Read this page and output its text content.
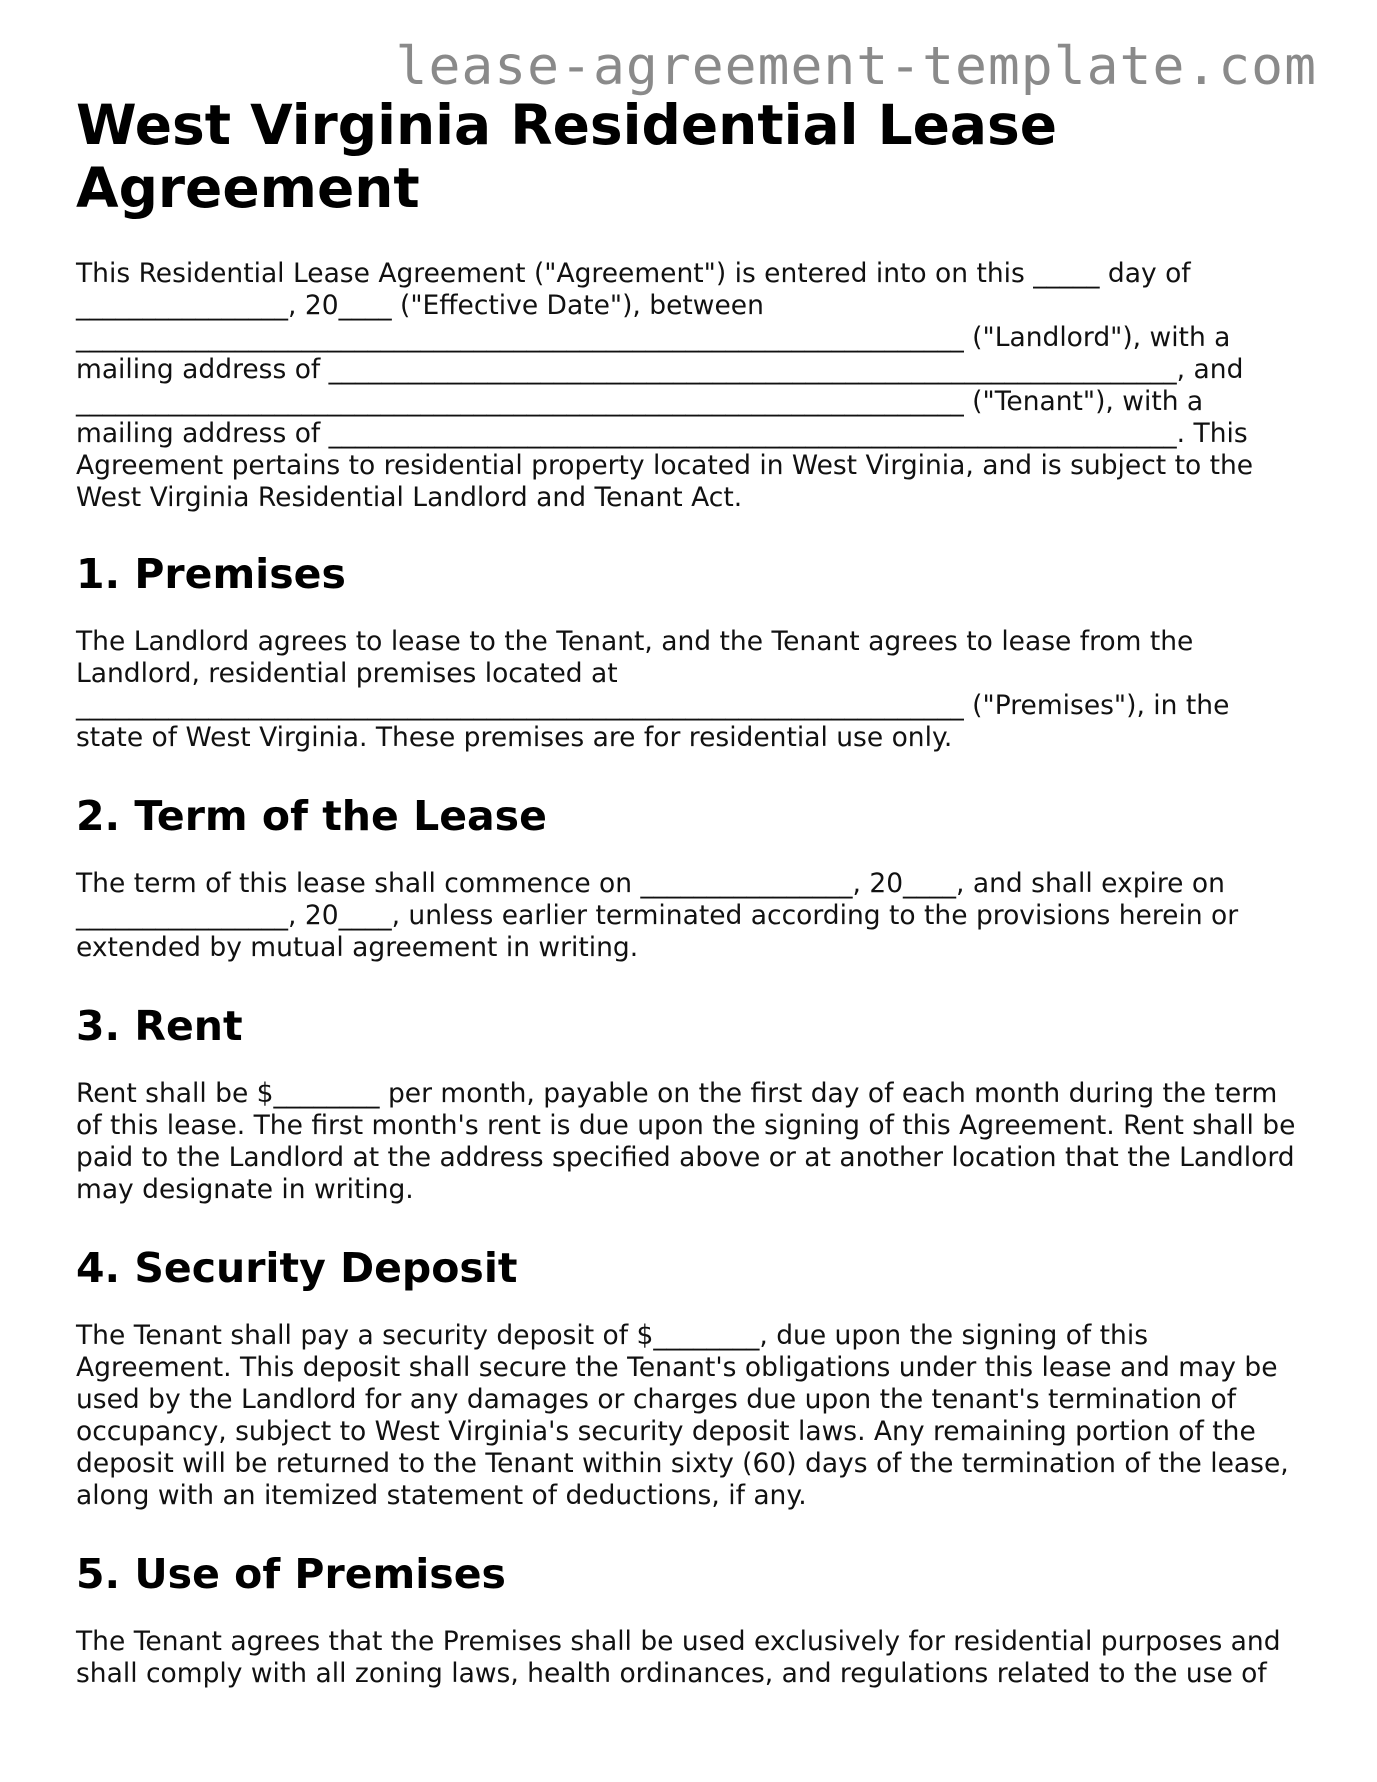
lease-agreement-template.com
West Virginia Residential Lease Agreement

This Residential Lease Agreement ("Agreement") is entered into on this _____ day of ________________, 20____ ("Effective Date"), between ___________________________________________________________________ ("Landlord"), with a mailing address of ________________________________________________________________, and ___________________________________________________________________ ("Tenant"), with a mailing address of ________________________________________________________________. This Agreement pertains to residential property located in West Virginia, and is subject to the West Virginia Residential Landlord and Tenant Act.

1. Premises

The Landlord agrees to lease to the Tenant, and the Tenant agrees to lease from the Landlord, residential premises located at ___________________________________________________________________ ("Premises"), in the state of West Virginia. These premises are for residential use only.

2. Term of the Lease

The term of this lease shall commence on ________________, 20____, and shall expire on ________________, 20____, unless earlier terminated according to the provisions herein or extended by mutual agreement in writing.

3. Rent

Rent shall be $________ per month, payable on the first day of each month during the term of this lease. The first month's rent is due upon the signing of this Agreement. Rent shall be paid to the Landlord at the address specified above or at another location that the Landlord may designate in writing.

4. Security Deposit

The Tenant shall pay a security deposit of $________, due upon the signing of this Agreement. This deposit shall secure the Tenant's obligations under this lease and may be used by the Landlord for any damages or charges due upon the tenant's termination of occupancy, subject to West Virginia's security deposit laws. Any remaining portion of the deposit will be returned to the Tenant within sixty (60) days of the termination of the lease, along with an itemized statement of deductions, if any.

5. Use of Premises

The Tenant agrees that the Premises shall be used exclusively for residential purposes and shall comply with all zoning laws, health ordinances, and regulations related to the use of
